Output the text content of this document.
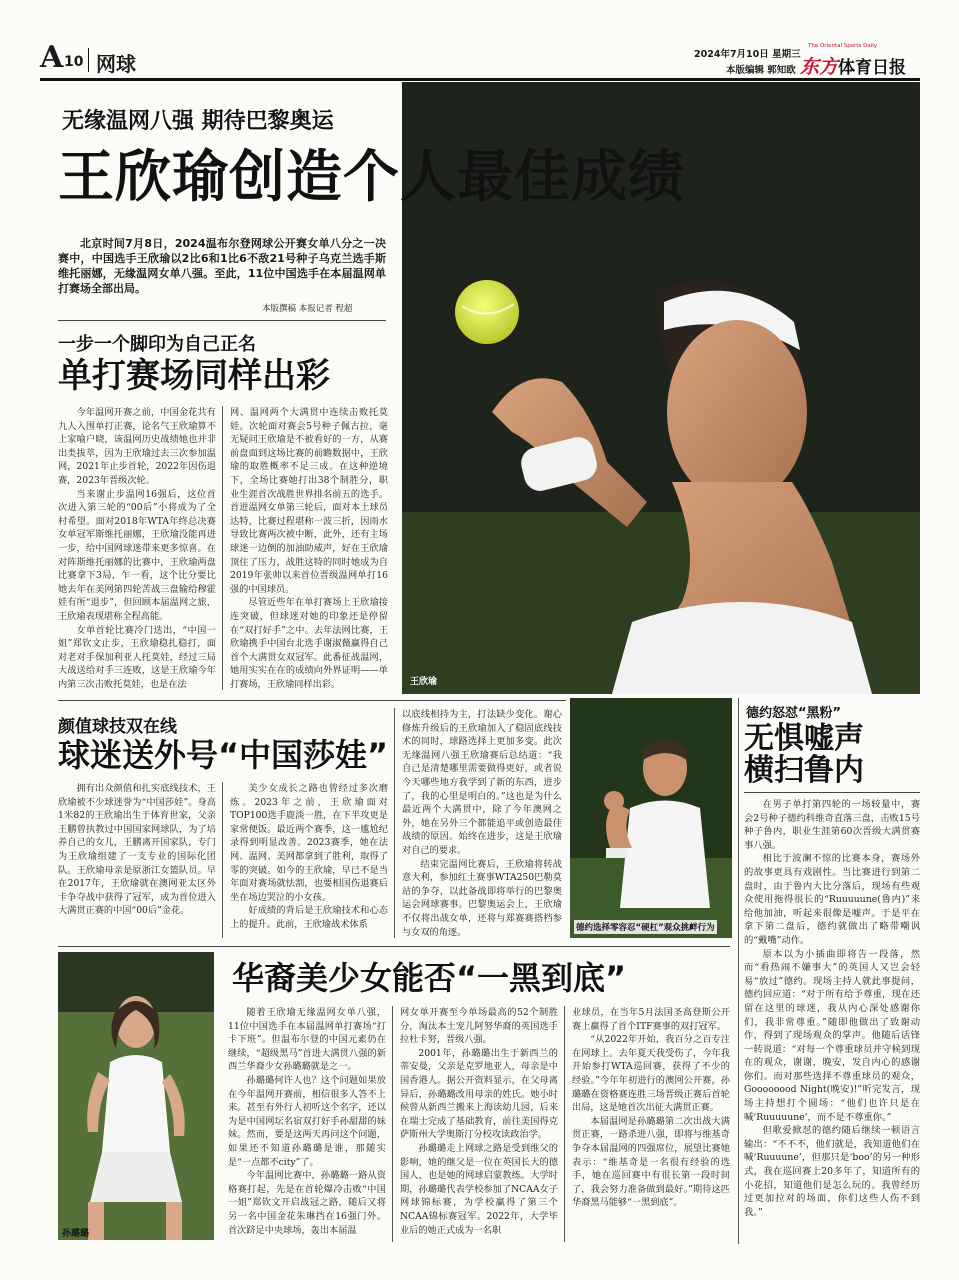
A 10 网球	2024年7月10日 星期三
本版编辑 郭知欧
The Oriental Sports Daily
东方体育日报
王欣瑜
无缘温网八强 期待巴黎奥运
王欣瑜创造个人最佳成绩
北京时间7月8日，2024温布尔登网球公开赛女单八分之一决赛中，中国选手王欣瑜以2比6和1比6不敌21号种子乌克兰选手斯维托丽娜，无缘温网女单八强。至此，11位中国选手在本届温网单打赛场全部出局。
本版撰稿 本报记者 程超
一步一个脚印为自己正名
单打赛场同样出彩

今年温网开赛之前，中国金花共有九人入围单打正赛，论名气王欣瑜算不上家喻户晓，该温网历史战绩她也并非出类拔萃，因为王欣瑜过去三次参加温网，2021年止步首轮，2022年因伤退赛，2023年晋级次轮。

当来谢止步温网16强后，这位首次进入第三轮的“00后”小将成为了全村希望。面对2018年WTA年终总决赛女单冠军斯维托丽娜，王欣瑜没能再进一步，给中国网球迷带来更多惊喜。在对阵斯维托丽娜的比赛中，王欣瑜两盘比赛拿下3局，乍一看，这个比分要比她去年在美网第四轮苦战三盘输给穆霍娃有所“退步”，但回顾本届温网之旅，王欣瑜表现堪称全程高能。

女单首轮比赛冷门迭出，“中国一姐”郑钦文止步，王欣瑜稳扎稳打，面对老对手保加利亚人托莫娃，经过三局大战送给对手三连败，这是王欣瑜今年内第三次击败托莫娃，也是在法

网、温网两个大满贯中连续击败托莫娃。次轮面对赛会5号种子佩古拉，毫无疑问王欣瑜是不被看好的一方，从赛前盘面到这场比赛的前瞻数据中，王欣瑜的取胜概率不足三成。在这种逆境下，全场比赛她打出38个制胜分，职业生涯首次战胜世界排名前五的选手。首进温网女单第三轮后，面对本土球员达特，比赛过程堪称一波三折，因雨水导致比赛两次被中断，此外，还有主场球迷一边倒的加油助威声，好在王欣瑜顶住了压力，战胜这特的同时她成为自2019年张帅以来首位晋级温网单打16强的中国球员。

尽管近些年在单打赛场上王欣瑜接连突破，但球迷对她的印象还是停留在“双打好手”之中。去年法网比赛，王欣瑜携手中国台北选手谢淑薇赢得自己首个大满贯女双冠军。此番征战温网，她用实实在在的成绩向外界证明——单打赛场，王欣瑜同样出彩。

颜值球技双在线
球迷送外号“中国莎娃”

拥有出众颜值和扎实底线技术，王欣瑜被不少球迷誉为“中国莎娃”。身高1米82的王欣瑜出生于体育世家，父亲王鹏曾执教过中国国家网球队，为了培养自己的女儿，王鹏离开国家队，专门为王欣瑜组建了一支专业的国际化团队。王欣瑜母亲是原浙江女篮队员。早在2017年，王欣瑜就在澳网亚太区外卡争夺战中获得了冠军，成为首位进入大满贯正赛的中国“00后”金花。

美少女成长之路也曾经过多次磨炼。2023年之前，王欣瑜面对TOP100选手鹿淡一胜，在下半攻更是家常便饭。最近两个赛季，这一尴尬纪录得到明显改善。2023赛季，她在法网、温网、美网都拿到了胜利，取得了零的突破。如今的王欣瑜，早已不是当年面对赛场就怯割，也要相国伤退赛后坐在场边哭泣的小女孩。

好成绩的背后是王欣瑜技术和心态上的提升。此前，王欣瑜战术体系

以底线相持为主，打法缺少变化。谢心修炼升级后的王欣瑜加入了稳固底线技术的同时，球路选择上更加多变。此次无缘温网八强王欣瑜赛后总结道：“我自己是清楚哪里需要做得更好，或者说今天哪些地方我学到了新的东西，进步了，我的心里是明白的。”这也是为什么最近两个大满贯中，除了今年澳网之外，她在另外三个都能追平或创造最佳战绩的原因。始终在进步，这是王欣瑜对自己的要求。

结束完温网比赛后，王欣瑜将转战意大利，参加红土赛事WTA250巴勒莫站的争夺，以此备战即将举行的巴黎奥运会网球赛事。巴黎奥运会上，王欣瑜不仅将出战女单，还将与郑赛赛搭档参与女双的角逐。	德约选择零容忍“硬杠”观众挑衅行为
德约怒怼“黑粉”
无惧嘘声
横扫鲁内

在男子单打第四轮的一场较量中，赛会2号种子德约科维奇直落三盘，击败15号种子鲁内，职业生涯第60次晋级大满贯赛事八强。

相比于波澜不惊的比赛本身，赛场外的故事更具有戏剧性。当比赛进行到第二盘时，由于鲁内大比分落后，现场有些观众使用拖得很长的“Ruuuuune(鲁内)”来给他加油，听起来很像是嘘声。于是平在拿下第二盘后，德约就做出了略带嘲讽的“戴嘴”动作。

原本以为小插曲即将告一段落，然而“看热闹不嫌事大”的英国人又岂会轻易“放过”德约。现场主持人就此事提问，德约回应道：“对于所有给予尊重，现在还留在这里的球迷，我从内心深处感谢你们，我非常尊重。”随即他做出了致谢动作，得到了现场观众的掌声。他随后话锋一转说道：“对每一个尊重球员并守候到现在的观众，谢谢，晚安，发自内心的感谢你们。而对那些选择不尊重球员的观众，Goooooood Night(晚安)!”听完发言，现场主持想打个圆场：“他们也许只是在喊‘Ruuuuune’，而不是不尊重你。”

但歌爱掀怼的德约随后继续一顿语言输出：“不不不，他们就是，我知道他们在喊‘Ruuuune’，但那只是‘boo’的另一种形式，我在巡回赛上20多年了，知道所有的小花招，知道他们是怎么玩的。我曾经历过更加拉对的场面，你们这些人伤不到我。”

孙璐璐
华裔美少女能否“一黑到底”

随着王欣瑜无缘温网女单八强，11位中国选手在本届温网单打赛场“打卡下班”。但温布尔登的中国元素仍在继续，“超级黑马”首进大满贯八强的新西兰华裔少女孙璐璐就是之一。

孙璐璐何许人也？这个问题如果放在今年温网开赛前，相信很多人答不上来。甚至有外行人初听这个名字，还以为是中国网坛名宿双打好手孙甜甜的妹妹。然而，要是这两天再问这个问题，如果还不知道孙璐璐是谁，那随实是“一点都不city”了。

今年温网比赛中，孙璐璐一路从资格赛打起，先是在首轮爆冷击败“中国一姐”郑钦文开启战冠之路，随后又将另一名中国金花朱琳挡在16强门外。首次跻足中央球场，轰出本届温

网女单开赛至今单场最高的52个制胜分，淘汰本土宠儿阿努华裔的英国选手拉杜卡努，晋级八强。

2001年，孙璐璐出生于新西兰的蒂安曼，父亲是克罗地亚人，母亲是中国香港人。据公开资料显示，在父母离异后，孙璐璐改用母亲的姓氏。她小时候曾从新西兰搬来上海读幼儿园，后来在瑞士完成了基础教育，前往美国得克萨斯州大学奥斯汀分校攻读政治学。

孙璐璐走上网球之路是受到维父的影响，她的继父是一位在英国长大的德国人，也是她的网球启蒙教练。大学时期，孙璐璐代表学校参加了NCAA女子网球锦标赛，为学校赢得了第三个NCAA锦标赛冠军。2022年，大学毕业后的她正式成为一名职

业球员，在当年5月法国圣高登斯公开赛上赢得了首个ITF赛事的双打冠军。

“从2022年开始，我百分之百专注在网球上。去年夏天我受伤了，今年我开始参打WTA巡回赛，获得了不少的经验。”今年年初进行的澳网公开赛，孙璐璐在资格赛连胜三场晋级正赛后首轮出局，这是她首次出征大满贯正赛。

本届温网是孙璐璐第二次出战大满贯正赛，一路杀进八强，即将与维基奇争夺本届温网的四强席位，展望比赛她表示：“维基奇是一名很有经验的选手，她在巡回赛中有很长第一段时间了，我会努力准备做到最好。”期待这匹华裔黑马能够“一黑到底”。
